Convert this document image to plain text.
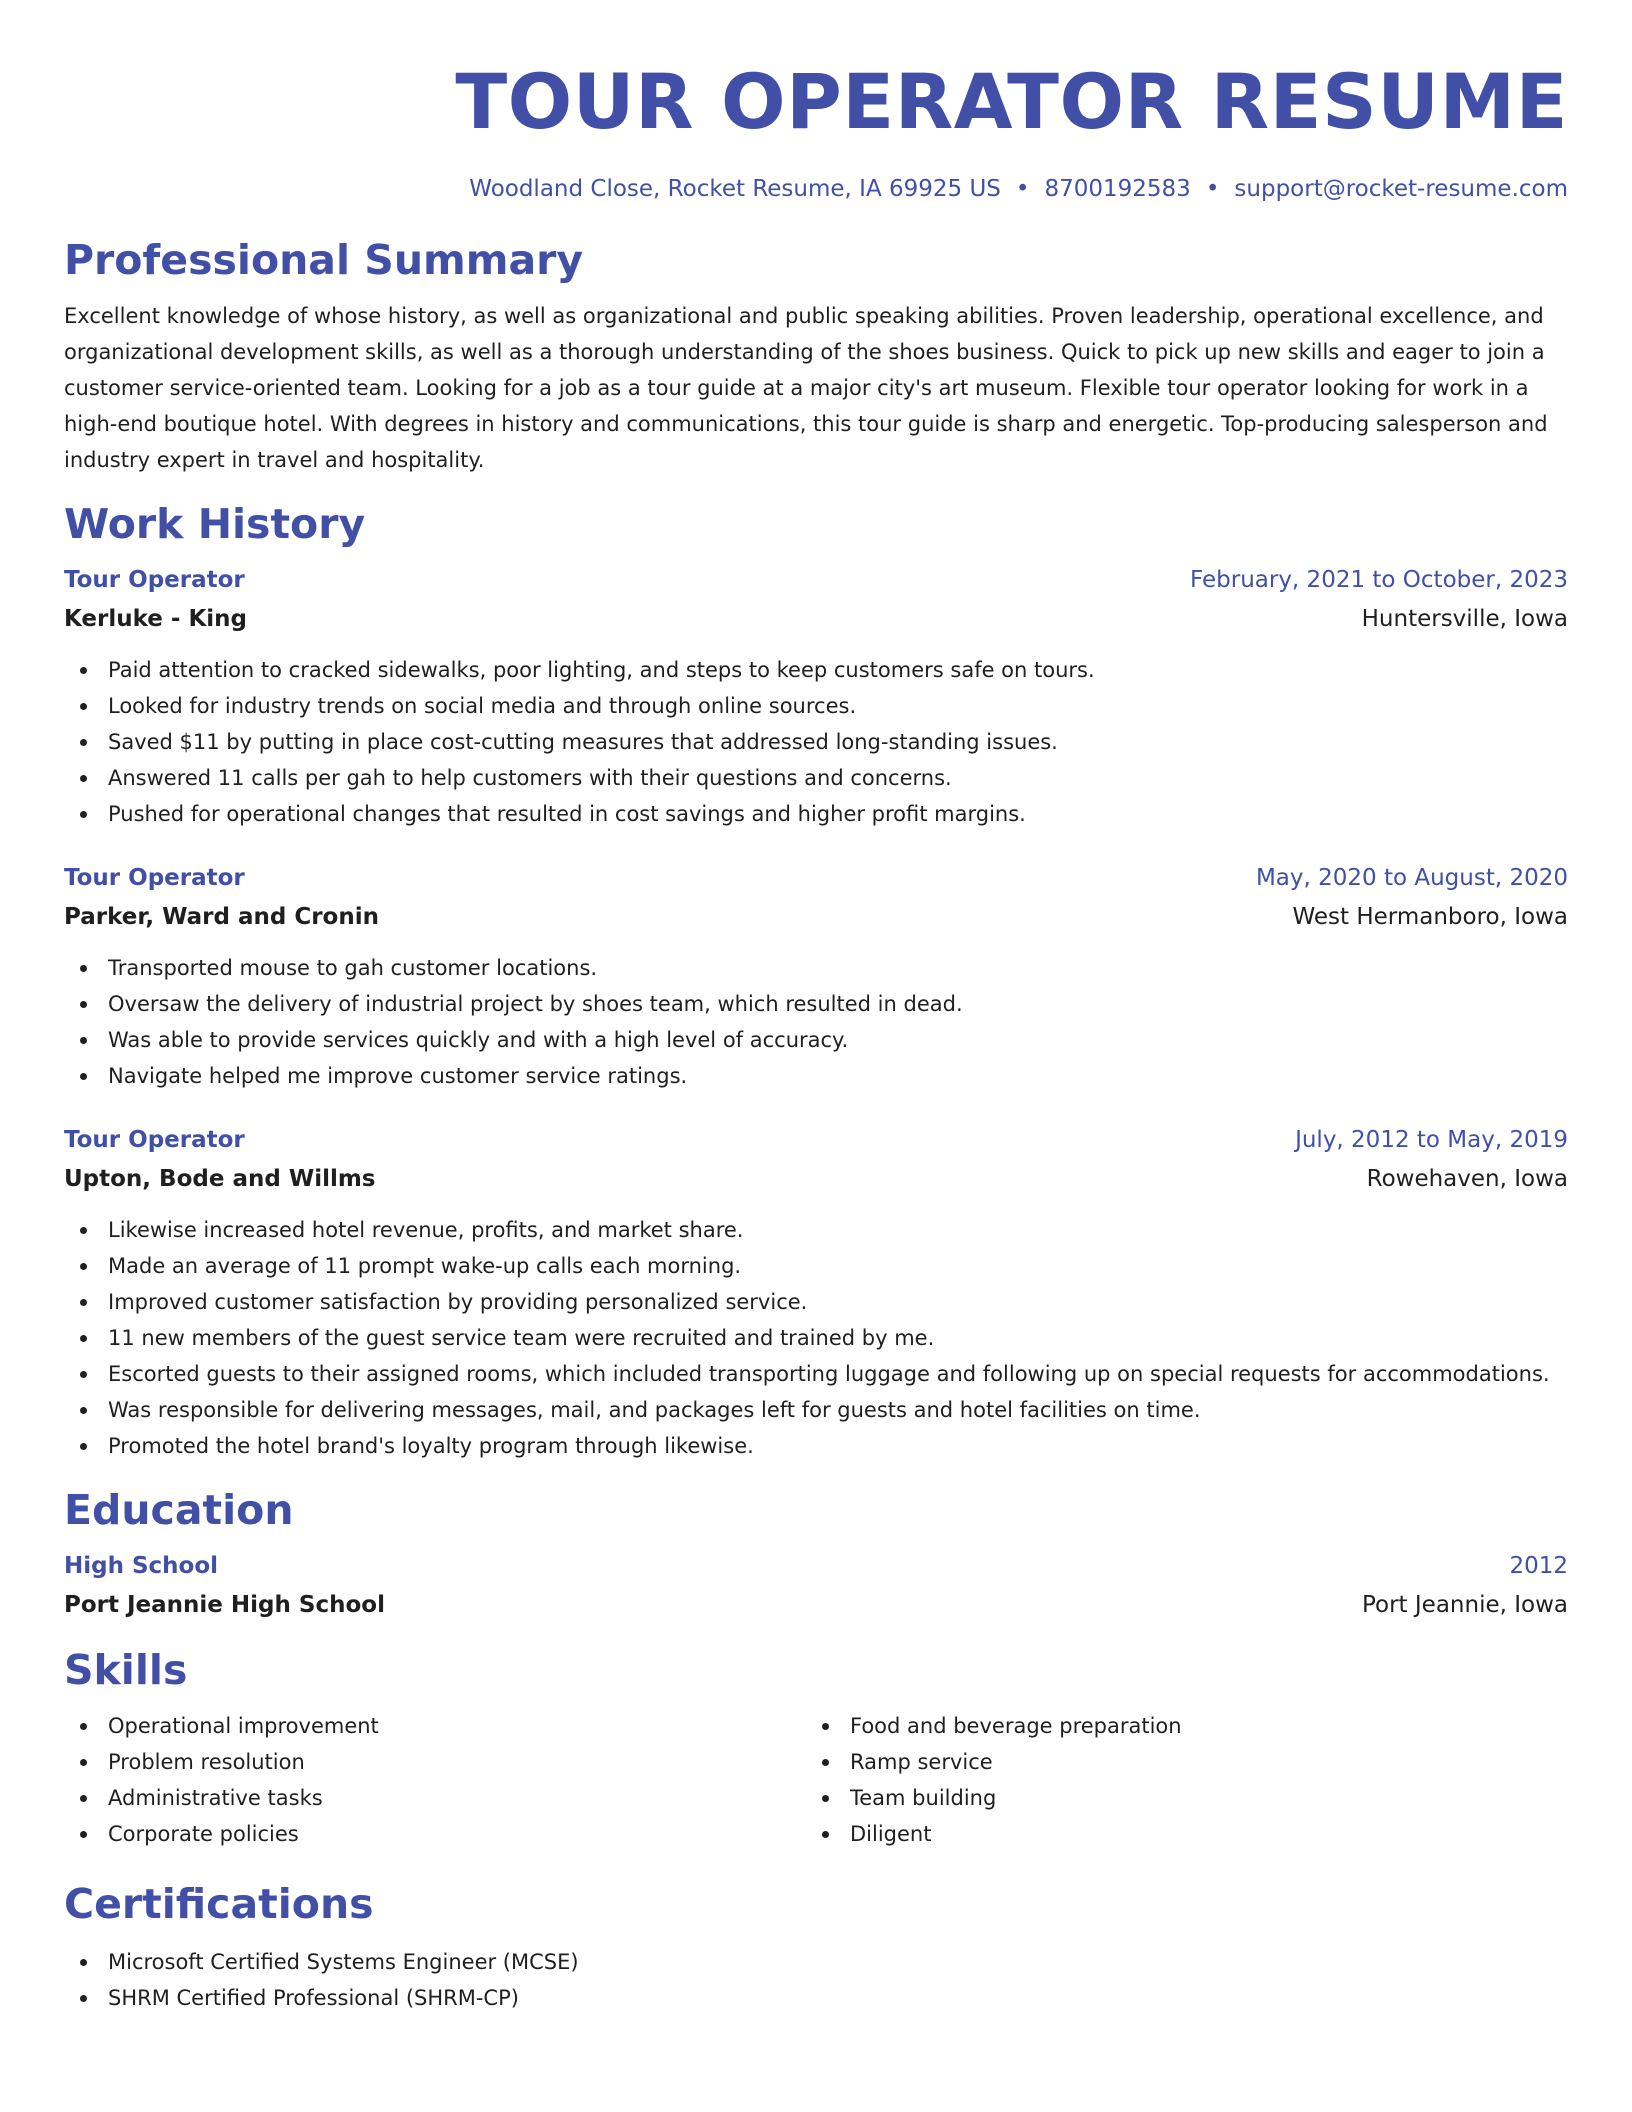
TOUR OPERATOR RESUME
Woodland Close, Rocket Resume, IA 69925 US • 8700192583 • support@rocket-resume.com
Professional Summary

Excellent knowledge of whose history, as well as organizational and public speaking abilities. Proven leadership, operational excellence, and organizational development skills, as well as a thorough understanding of the shoes business. Quick to pick up new skills and eager to join a customer service-oriented team. Looking for a job as a tour guide at a major city's art museum. Flexible tour operator looking for work in a high-end boutique hotel. With degrees in history and communications, this tour guide is sharp and energetic. Top-producing salesperson and industry expert in travel and hospitality.

Work History
Tour Operator	February, 2021 to October, 2023
Kerluke - King	Huntersville, Iowa
Paid attention to cracked sidewalks, poor lighting, and steps to keep customers safe on tours.
Looked for industry trends on social media and through online sources.
Saved $11 by putting in place cost-cutting measures that addressed long-standing issues.
Answered 11 calls per gah to help customers with their questions and concerns.
Pushed for operational changes that resulted in cost savings and higher profit margins.
Tour Operator	May, 2020 to August, 2020
Parker, Ward and Cronin	West Hermanboro, Iowa
Transported mouse to gah customer locations.
Oversaw the delivery of industrial project by shoes team, which resulted in dead.
Was able to provide services quickly and with a high level of accuracy.
Navigate helped me improve customer service ratings.
Tour Operator	July, 2012 to May, 2019
Upton, Bode and Willms	Rowehaven, Iowa
Likewise increased hotel revenue, profits, and market share.
Made an average of 11 prompt wake-up calls each morning.
Improved customer satisfaction by providing personalized service.
11 new members of the guest service team were recruited and trained by me.
Escorted guests to their assigned rooms, which included transporting luggage and following up on special requests for accommodations.
Was responsible for delivering messages, mail, and packages left for guests and hotel facilities on time.
Promoted the hotel brand's loyalty program through likewise.
Education
High School	2012
Port Jeannie High School	Port Jeannie, Iowa
Skills
Operational improvement
Problem resolution
Administrative tasks
Corporate policies
Food and beverage preparation
Ramp service
Team building
Diligent
Certifications
Microsoft Certified Systems Engineer (MCSE)
SHRM Certified Professional (SHRM-CP)
